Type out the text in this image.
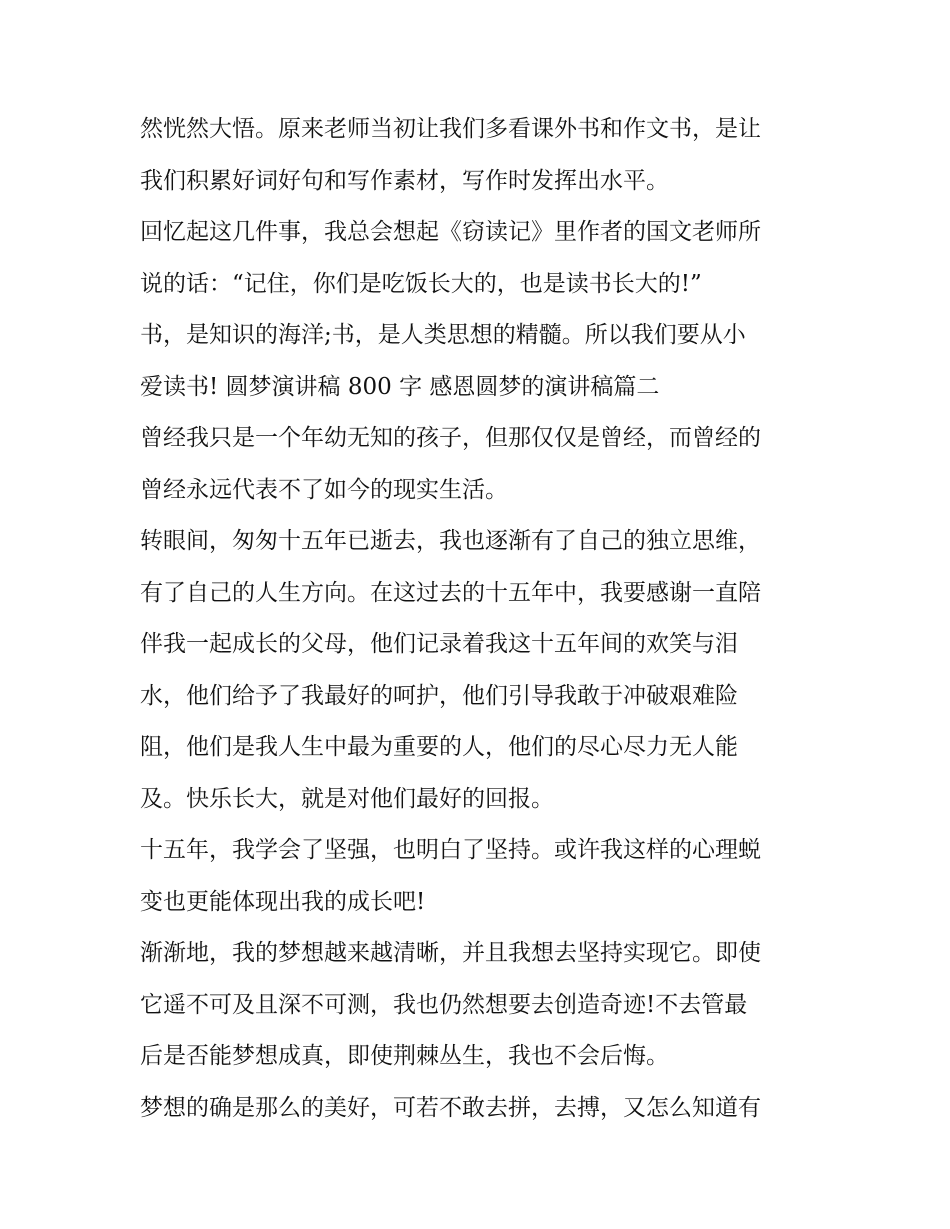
然恍然大悟。原来老师当初让我们多看课外书和作文书，是让
我们积累好词好句和写作素材，写作时发挥出水平。
回忆起这几件事，我总会想起《窃读记》里作者的国文老师所
说的话：“记住，你们是吃饭长大的，也是读书长大的!”
书，是知识的海洋;书，是人类思想的精髓。所以我们要从小
爱读书! 圆梦演讲稿 800 字 感恩圆梦的演讲稿篇二
曾经我只是一个年幼无知的孩子，但那仅仅是曾经，而曾经的
曾经永远代表不了如今的现实生活。
转眼间，匆匆十五年已逝去，我也逐渐有了自己的独立思维，
有了自己的人生方向。在这过去的十五年中，我要感谢一直陪
伴我一起成长的父母，他们记录着我这十五年间的欢笑与泪
水，他们给予了我最好的呵护，他们引导我敢于冲破艰难险
阻，他们是我人生中最为重要的人，他们的尽心尽力无人能
及。快乐长大，就是对他们最好的回报。
十五年，我学会了坚强，也明白了坚持。或许我这样的心理蜕
变也更能体现出我的成长吧!
渐渐地，我的梦想越来越清晰，并且我想去坚持实现它。即使
它遥不可及且深不可测，我也仍然想要去创造奇迹!不去管最
后是否能梦想成真，即使荆棘丛生，我也不会后悔。
梦想的确是那么的美好，可若不敢去拼，去搏，又怎么知道有
